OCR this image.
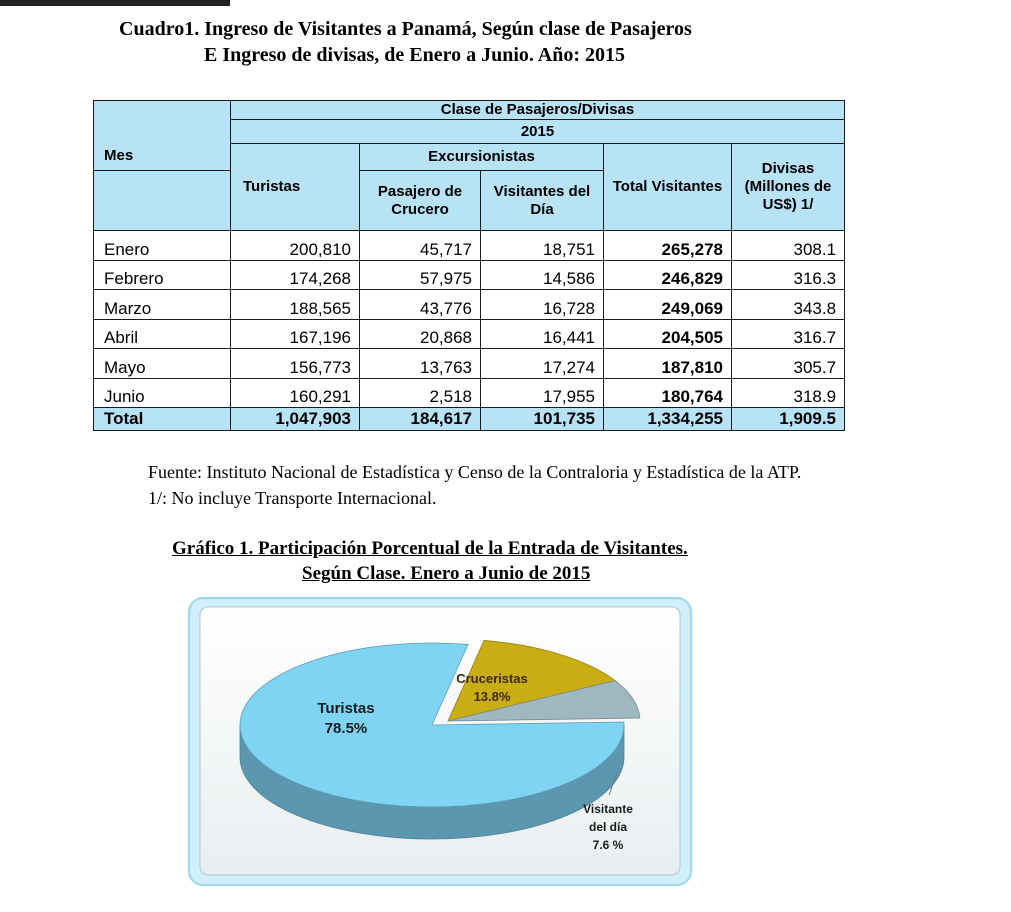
Cuadro1. Ingreso de Visitantes a Panamá, Según clase de Pasajeros
E Ingreso de divisas, de Enero a Junio. Año: 2015
Mes	Clase de Pasajeros/Divisas				
	2015				
	Turistas	Excursionistas		Total Visitantes	Divisas (Millones de US$) 1/
		Pasajero de Crucero	Visitantes del Día		
Enero	200,810	45,717	18,751	265,278	308.1
Febrero	174,268	57,975	14,586	246,829	316.3
Marzo	188,565	43,776	16,728	249,069	343.8
Abril	167,196	20,868	16,441	204,505	316.7
Mayo	156,773	13,763	17,274	187,810	305.7
Junio	160,291	2,518	17,955	180,764	318.9
Total	1,047,903	184,617	101,735	1,334,255	1,909.5
Fuente: Instituto Nacional de Estadística y Censo de la Contraloria y Estadística de la ATP.
1/: No incluye Transporte Internacional.
Gráfico 1. Participación Porcentual de la Entrada de Visitantes.
Según Clase. Enero a Junio de 2015
Turistas 78.5%
Cruceristas 13.8%
Visitante del día 7.6 %
